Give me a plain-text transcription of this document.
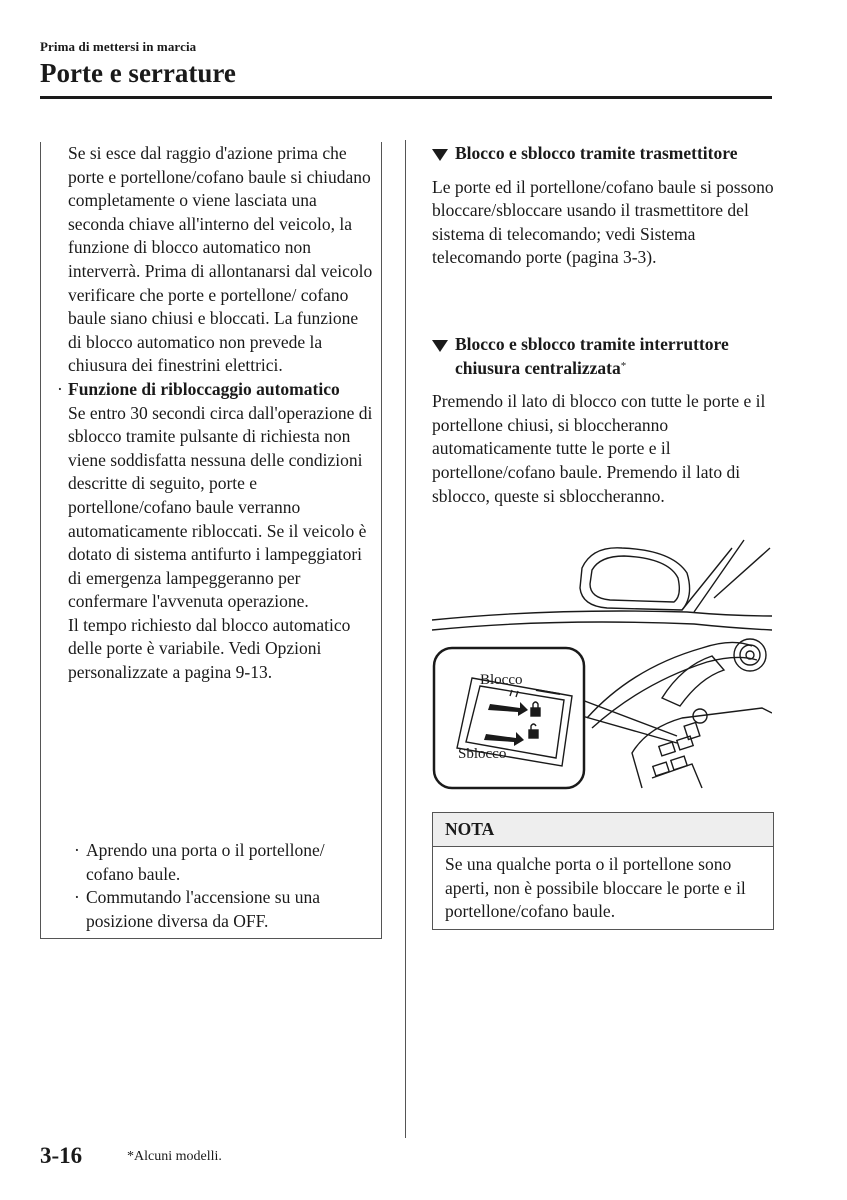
Prima di mettersi in marcia
Porte e serrature

Se si esce dal raggio d'azione prima che porte e portellone/cofano baule si chiudano completamente o viene lasciata una seconda chiave all'interno del veicolo, la funzione di blocco automatico non interverrà. Prima di allontanarsi dal veicolo verificare che porte e portellone/ cofano baule siano chiusi e bloccati. La funzione di blocco automatico non prevede la chiusura dei finestrini elettrici.

· Funzione di ribloccaggio automatico

Se entro 30 secondi circa dall'operazione di sblocco tramite pulsante di richiesta non viene soddisfatta nessuna delle condizioni descritte di seguito, porte e portellone/cofano baule verranno automaticamente ribloccati. Se il veicolo è dotato di sistema antifurto i lampeggiatori di emergenza lampeggeranno per confermare l'avvenuta operazione.

Il tempo richiesto dal blocco automatico delle porte è variabile. Vedi Opzioni personalizzate a pagina 9-13.

· Aprendo una porta o il portellone/ cofano baule.
· Commutando l'accensione su una posizione diversa da OFF.
Blocco e sblocco tramite trasmettitore

Le porte ed il portellone/cofano baule si possono bloccare/sbloccare usando il trasmettitore del sistema di telecomando; vedi Sistema telecomando porte (pagina 3-3).

Blocco e sblocco tramite interruttore chiusura centralizzata*

Premendo il lato di blocco con tutte le porte e il portellone chiusi, si bloccheranno automaticamente tutte le porte e il portellone/cofano baule. Premendo il lato di sblocco, queste si sbloccheranno.

Blocco
Sblocco
NOTA
Se una qualche porta o il portellone sono aperti, non è possibile bloccare le porte e il portellone/cofano baule.
3-16	*Alcuni modelli.
